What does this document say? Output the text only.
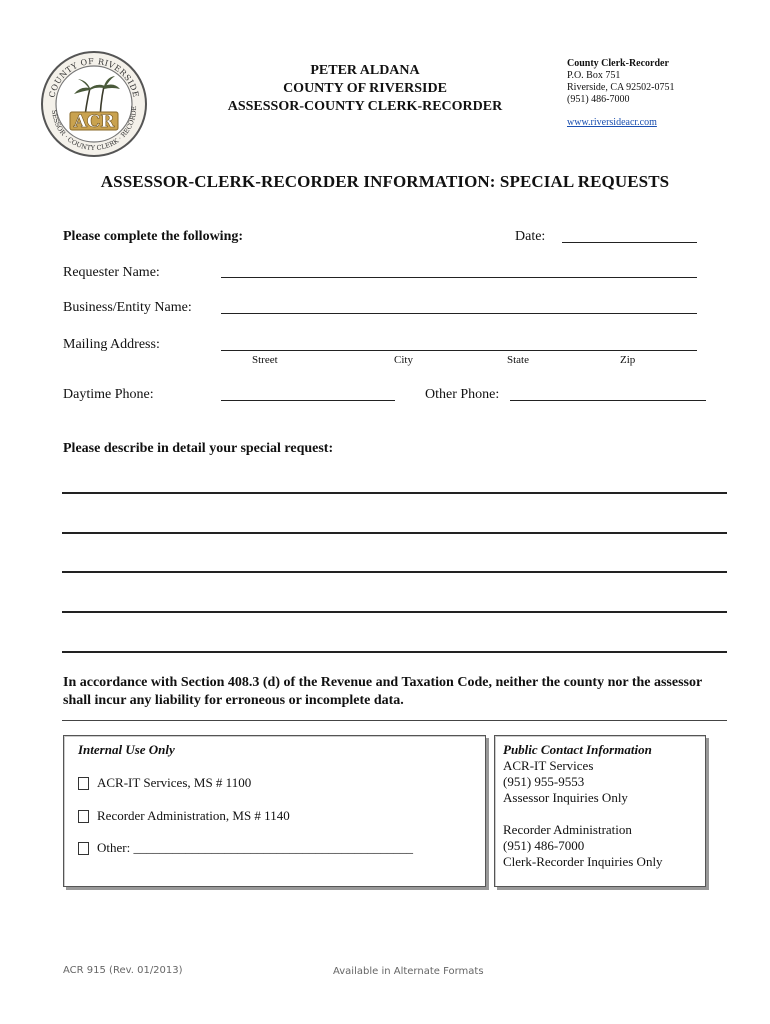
COUNTY OF RIVERSIDE
SESSOR · COUNTY CLERK · RECORDE
ACR
PETER ALDANA
COUNTY OF RIVERSIDE
ASSESSOR-COUNTY CLERK-RECORDER
County Clerk-Recorder
P.O. Box 751
Riverside, CA 92502-0751
(951) 486-7000
www.riversideacr.com
ASSESSOR-CLERK-RECORDER INFORMATION: SPECIAL REQUESTS
Please complete the following:	Date:
Requester Name:
Business/Entity Name:
Mailing Address:
Street	City	State	Zip
Daytime Phone:	Other Phone:
Please describe in detail your special request:
In accordance with Section 408.3 (d) of the Revenue and Taxation Code, neither the county nor the assessor shall incur any liability for erroneous or incomplete data.
Internal Use Only
ACR-IT Services, MS # 1100
Recorder Administration, MS # 1140
Other: ___________________________________________
Public Contact Information
ACR-IT Services
(951) 955-9553
Assessor Inquiries Only
Recorder Administration
(951) 486-7000
Clerk-Recorder Inquiries Only
ACR 915 (Rev. 01/2013)	Available in Alternate Formats
